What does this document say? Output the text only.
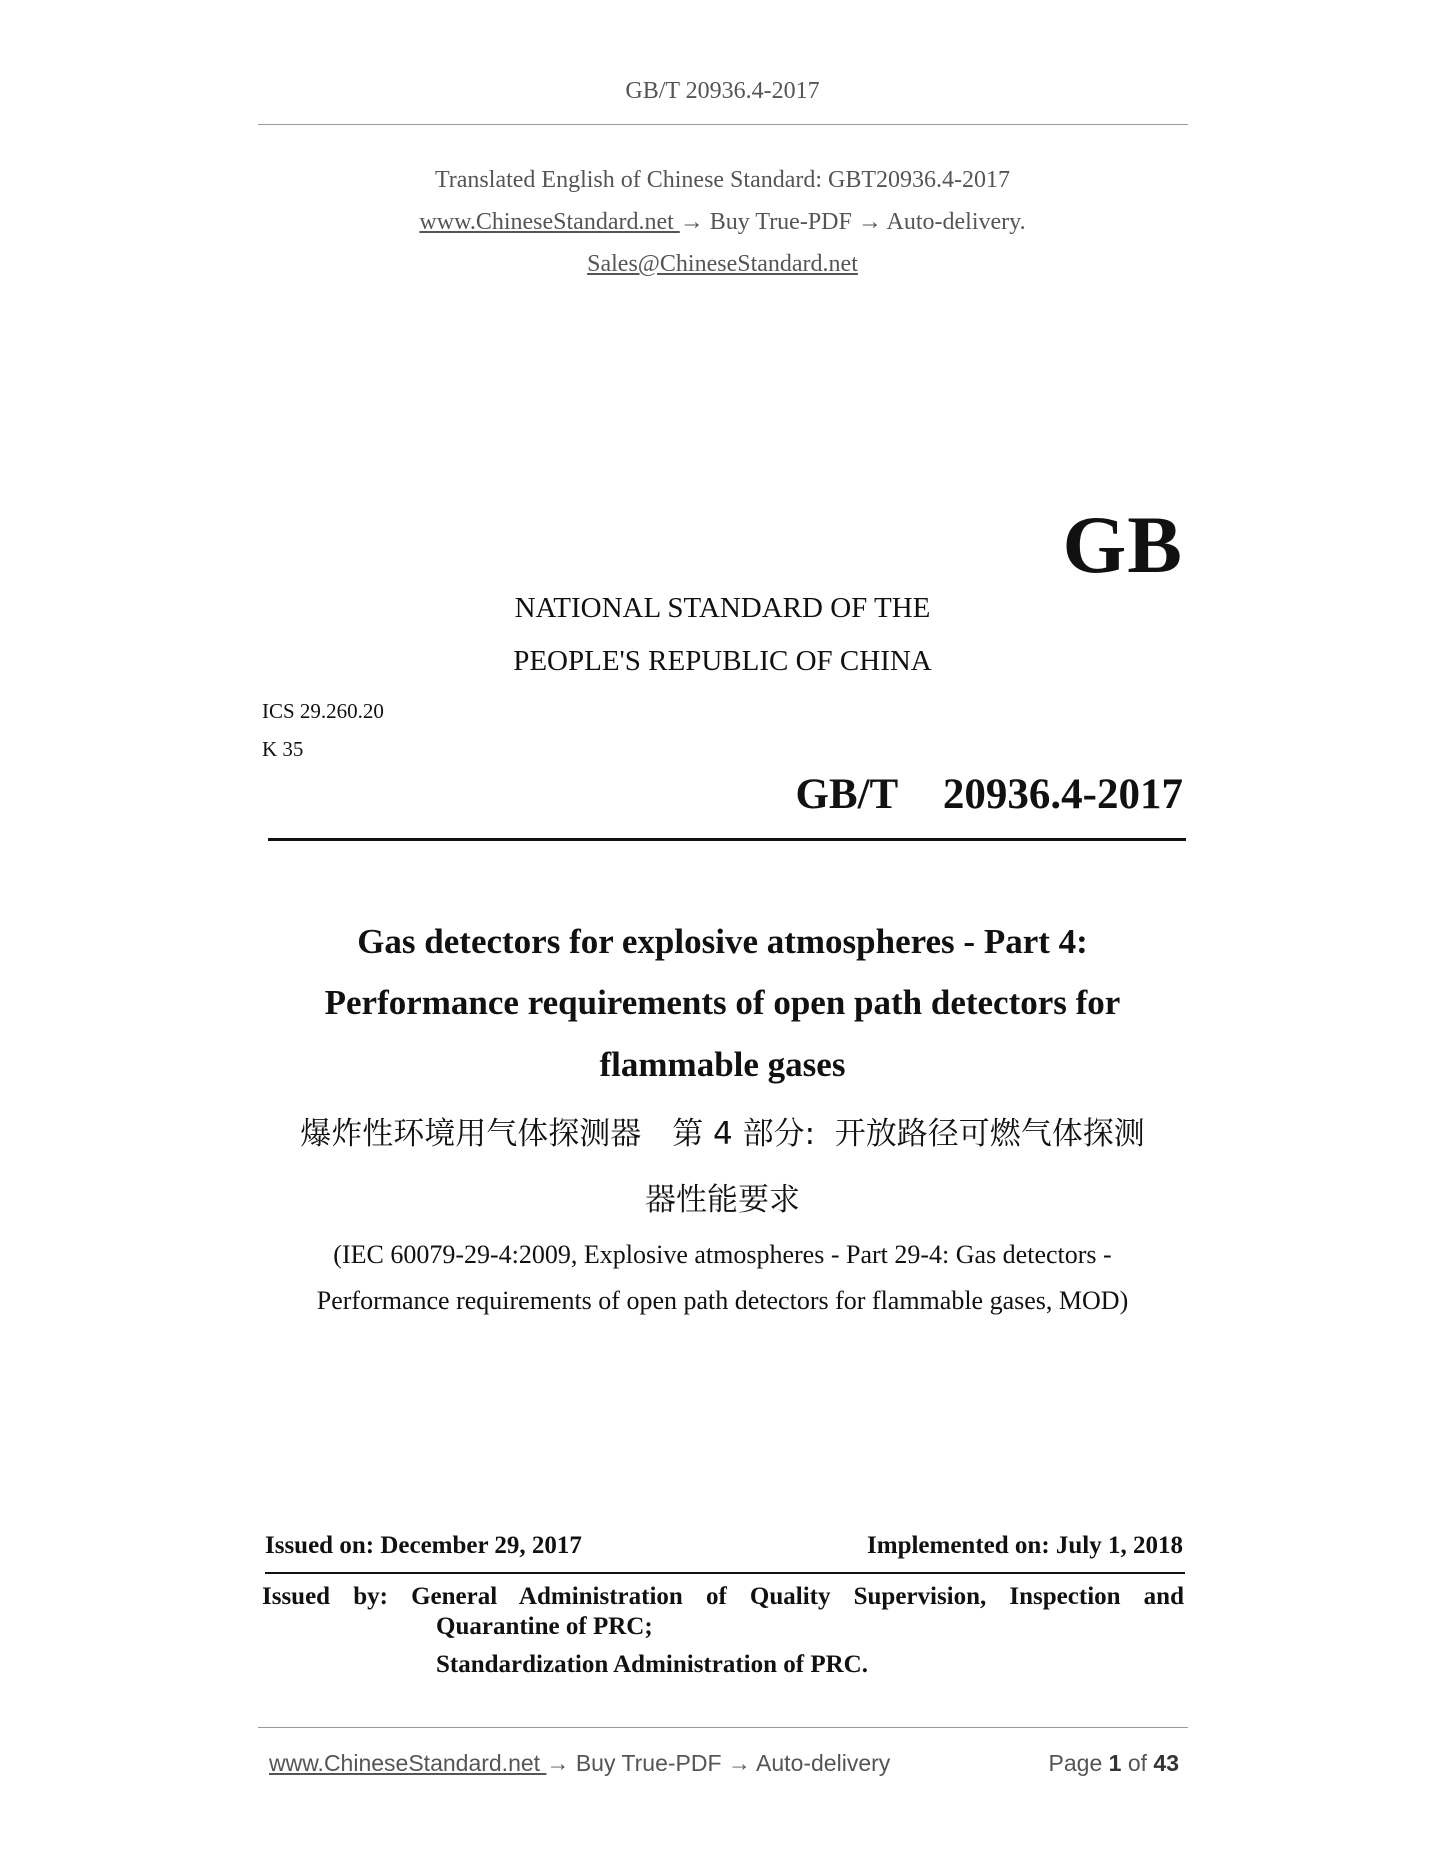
GB/T 20936.4-2017
Translated English of Chinese Standard: GBT20936.4-2017
www.ChineseStandard.net → Buy True-PDF → Auto-delivery.
Sales@ChineseStandard.net
GB
NATIONAL STANDARD OF THE
PEOPLE'S REPUBLIC OF CHINA
ICS 29.260.20
K 35
GB/T  20936.4-2017
Gas detectors for explosive atmospheres - Part 4:
Performance requirements of open path detectors for
flammable gases
爆炸性环境用气体探测器　第 4 部分:  开放路径可燃气体探测
器性能要求
(IEC 60079-29-4:2009, Explosive atmospheres - Part 29-4: Gas detectors -
Performance requirements of open path detectors for flammable gases, MOD)
Issued on: December 29, 2017	Implemented on: July 1, 2018
Issued by: General Administration of Quality Supervision, Inspection and
Quarantine of PRC;
Standardization Administration of PRC.
www.ChineseStandard.net → Buy True-PDF → Auto-delivery	Page 1 of 43
